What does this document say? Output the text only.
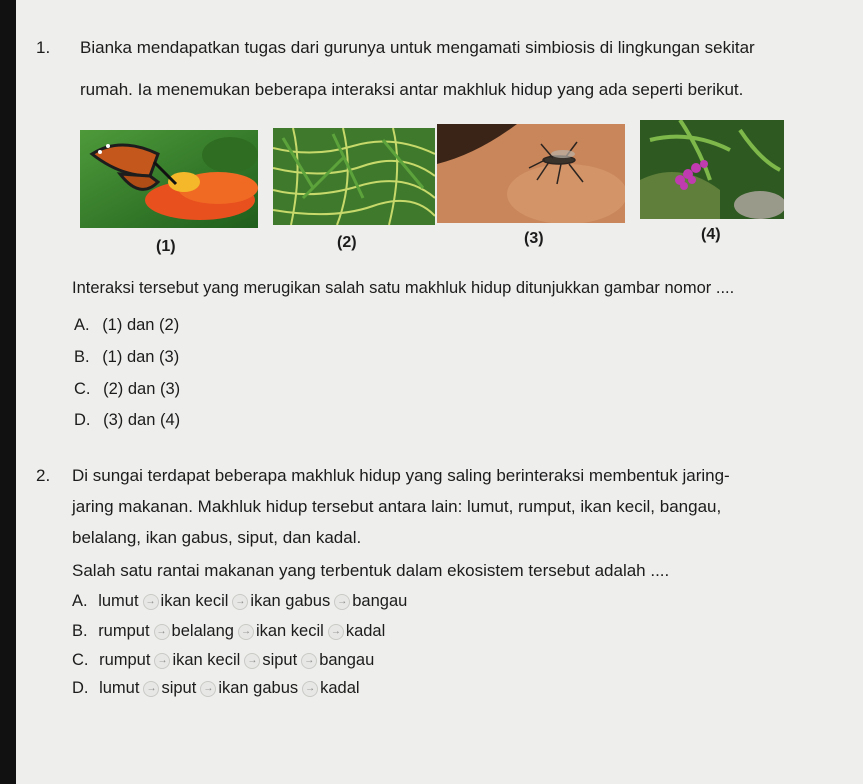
1. Bianka mendapatkan tugas dari gurunya untuk mengamati simbiosis di lingkungan sekitar
rumah. Ia menemukan beberapa interaksi antar makhluk hidup yang ada seperti berikut.
(1)	(2)	(3)	(4)
Interaksi tersebut yang merugikan salah satu makhluk hidup ditunjukkan gambar nomor ....
A. (1) dan (2)
B. (1) dan (3)
C. (2) dan (3)
D. (3) dan (4)
2. Di sungai terdapat beberapa makhluk hidup yang saling berinteraksi membentuk jaring-
jaring makanan. Makhluk hidup tersebut antara lain: lumut, rumput, ikan kecil, bangau,
belalang, ikan gabus, siput, dan kadal.
Salah satu rantai makanan yang terbentuk dalam ekosistem tersebut adalah ....
A. lumut → ikan kecil → ikan gabus → bangau
B. rumput → belalang → ikan kecil → kadal
C. rumput → ikan kecil → siput → bangau
D. lumut → siput → ikan gabus → kadal
